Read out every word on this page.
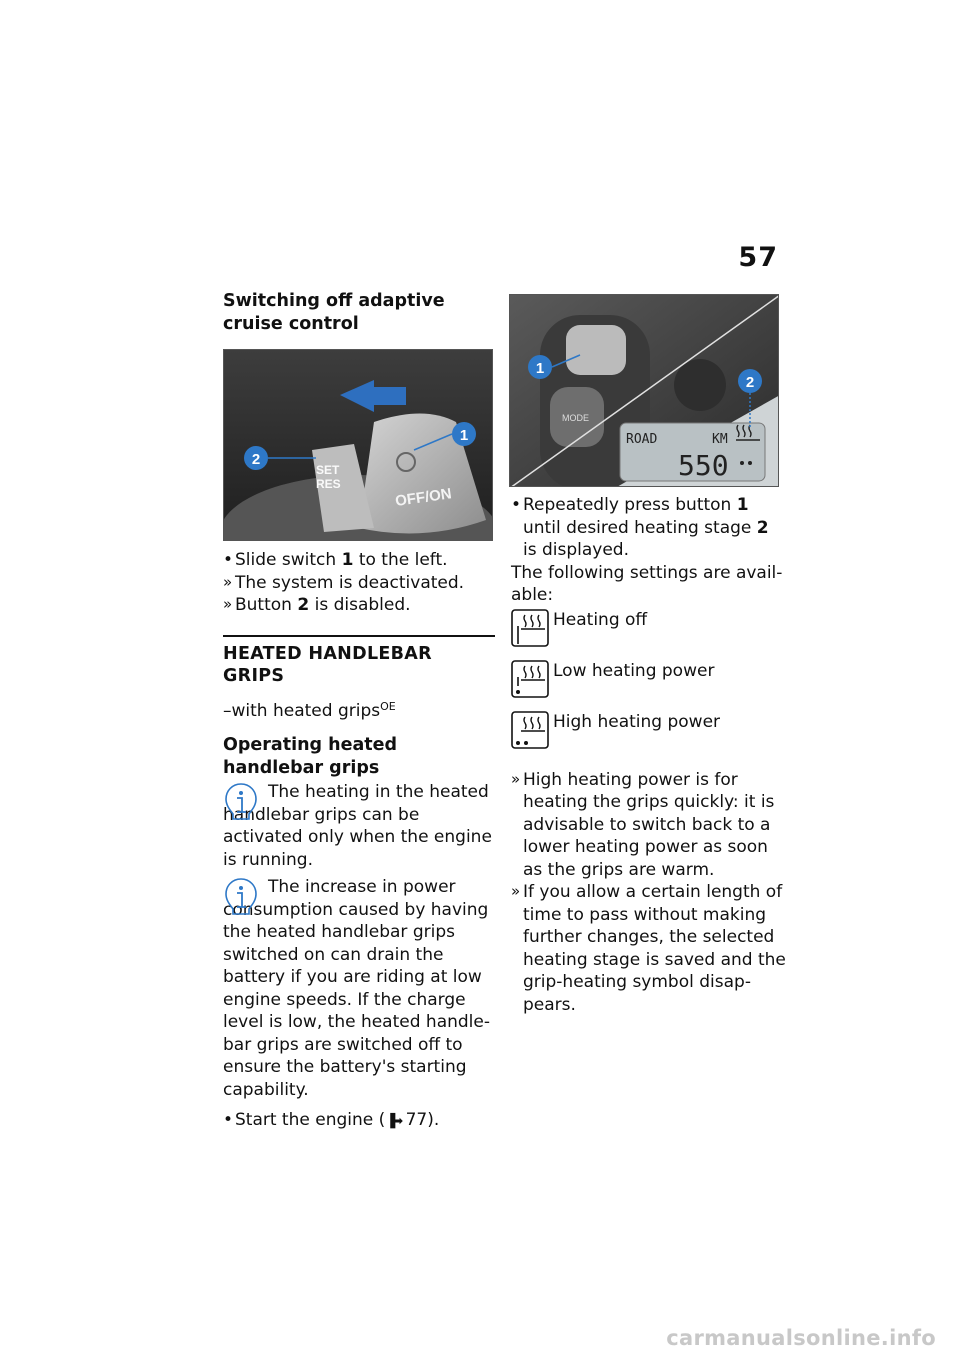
57
Switching off adaptive cruise control
SET
RES
OFF/ON
2
1
• Slide switch 1 to the left.
» The system is deactivated.
» Button 2 is disabled.
HEATED HANDLEBAR GRIPS
–with heated grips$^{OE}$
Operating heated handlebar grips
The heating in the heated handlebar grips can be activated only when the engine is running.
The increase in power consumption caused by having the heated handlebar grips switched on can drain the battery if you are riding at low engine speeds. If the charge level is low, the heated handle-bar grips are switched off to ensure the battery's starting capability.
• Start the engine (▐➡ 77).
MODE
ROAD	KM
550
1
2
• Repeatedly press button 1 until desired heating stage 2 is displayed.
The following settings are avail-able:
Heating off
Low heating power
High heating power
» High heating power is for heating the grips quickly: it is advisable to switch back to a lower heating power as soon as the grips are warm.
» If you allow a certain length of time to pass without making further changes, the selected heating stage is saved and the grip-heating symbol disap-pears.
carmanualsonline.info
